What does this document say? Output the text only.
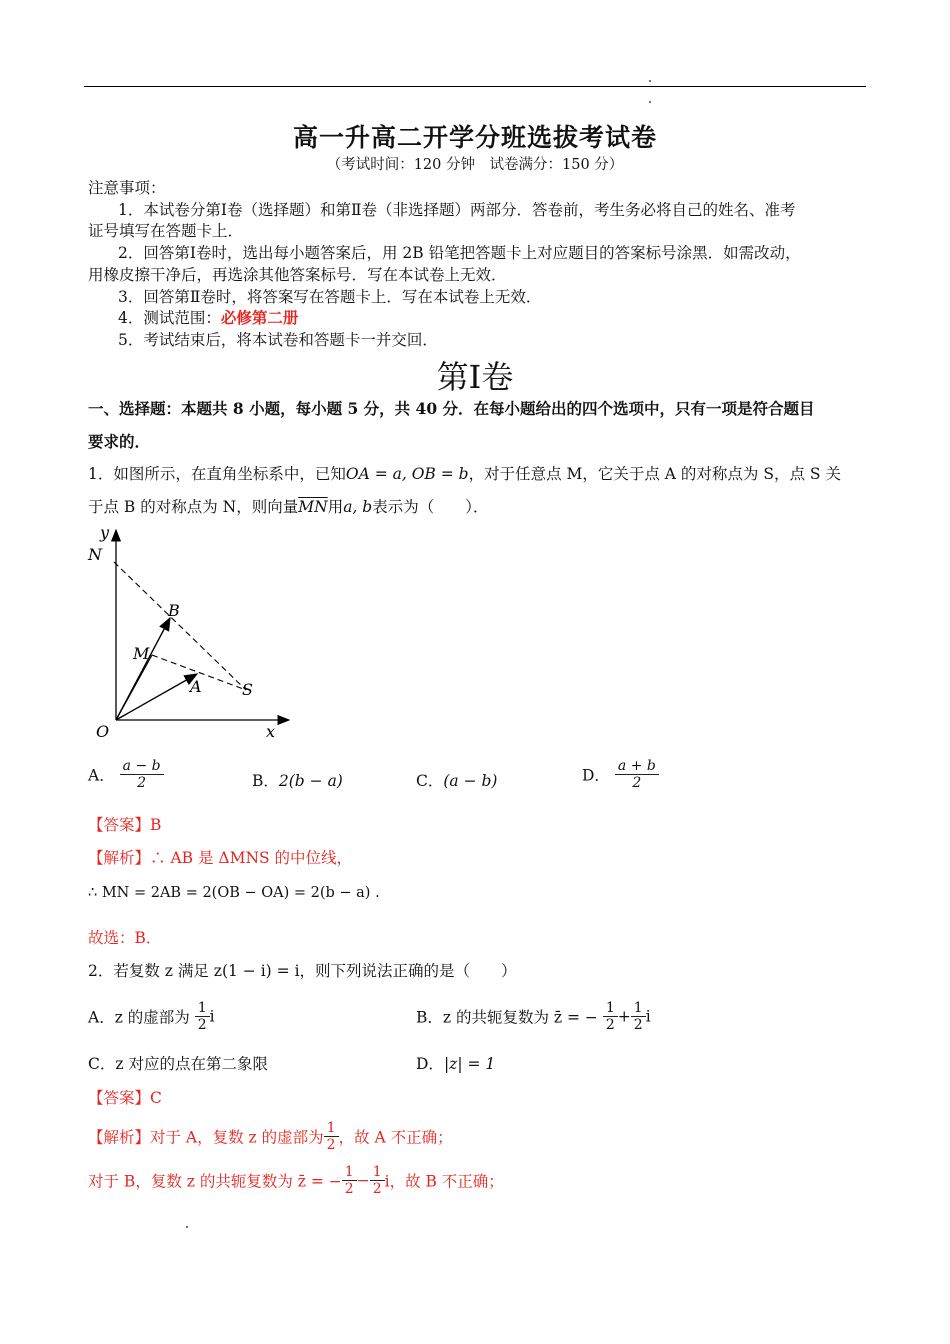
高一升高二开学分班选拔考试卷
（考试时间：120 分钟　试卷满分：150 分）
注意事项：
1．本试卷分第Ⅰ卷（选择题）和第Ⅱ卷（非选择题）两部分．答卷前，考生务必将自己的姓名、准考
证号填写在答题卡上．
2．回答第Ⅰ卷时，选出每小题答案后，用 2B 铅笔把答题卡上对应题目的答案标号涂黑．如需改动，
用橡皮擦干净后，再选涂其他答案标号．写在本试卷上无效．
3．回答第Ⅱ卷时，将答案写在答题卡上．写在本试卷上无效．
4．测试范围：必修第二册
5．考试结束后，将本试卷和答题卡一并交回．
第Ⅰ卷
一、选择题：本题共 8 小题，每小题 5 分，共 40 分．在每小题给出的四个选项中，只有一项是符合题目
要求的．
1．如图所示，在直角坐标系中，已知OA = a, OB = b，对于任意点 M，它关于点 A 的对称点为 S，点 S 关
于点 B 的对称点为 N，则向量$\overline{MN}$用a, b表示为（　　）．
y
N
B
M
A	S
O	x
A． $\frac{a - b}{2}$	B．2(b − a)	C．(a − b)	D． $\frac{a + b}{2}$
【答案】B
【解析】∴ AB 是 ΔMNS 的中位线，
∴ MN = 2AB = 2(OB − OA) = 2(b − a) .
故选：B．
2．若复数 z 满足 z(1 − i) = i，则下列说法正确的是（　　）
A．z 的虚部为 $\frac{1}{2}$ i	B．z 的共轭复数为 z̄ = − $\frac{1}{2} + \frac{1}{2}$ i
C．z 对应的点在第二象限	D．|z| = 1
【答案】C
【解析】对于 A，复数 z 的虚部为 $\frac{1}{2}$ ，故 A 不正确；
对于 B，复数 z 的共轭复数为 z̄ = − $\frac{1}{2} - \frac{1}{2}$ i，故 B 不正确；
